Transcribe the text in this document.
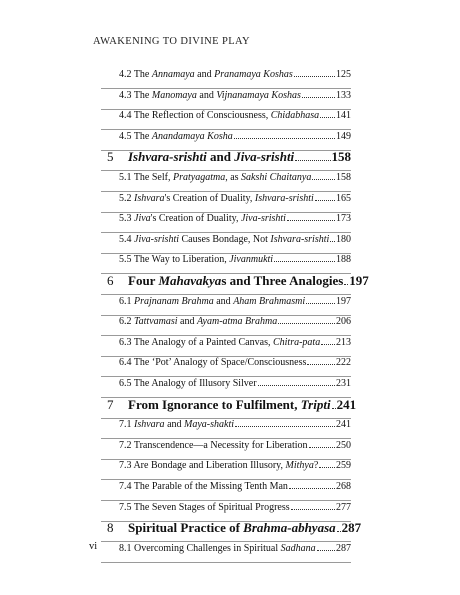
AWAKENING TO DIVINE PLAY
4.2 The Annamaya and Pranamaya Koshas	125
4.3 The Manomaya and Vijnanamaya Koshas	133
4.4 The Reflection of Consciousness, Chidabhasa 141
4.5 The Anandamaya Kosha	149
5 Ishvara-srishti and Jiva-srishti	158
5.1 The Self, Pratyagatma, as Sakshi Chaitanya 158
5.2 Ishvara's Creation of Duality, Ishvara-srishti 165
5.3 Jiva's Creation of Duality, Jiva-srishti	173
5.4 Jiva-srishti Causes Bondage, Not Ishvara-srishti 180
5.5 The Way to Liberation, Jivanmukti	188
6 Four Mahavakyas and Three Analogies 197
6.1 Prajnanam Brahma and Aham Brahmasmi	197
6.2 Tattvamasi and Ayam-atma Brahma	206
6.3 The Analogy of a Painted Canvas, Chitra-pata 213
6.4 The ‘Pot’ Analogy of Space/Consciousness	222
6.5 The Analogy of Illusory Silver	231
7 From Ignorance to Fulfilment, Tripti 241
7.1 Ishvara and Maya-shakti	241
7.2 Transcendence—a Necessity for Liberation	250
7.3 Are Bondage and Liberation Illusory, Mithya? 259
7.4 The Parable of the Missing Tenth Man	268
7.5 The Seven Stages of Spiritual Progress	277
8 Spiritual Practice of Brahma-abhyasa 287
8.1 Overcoming Challenges in Spiritual Sadhana 287
vi
